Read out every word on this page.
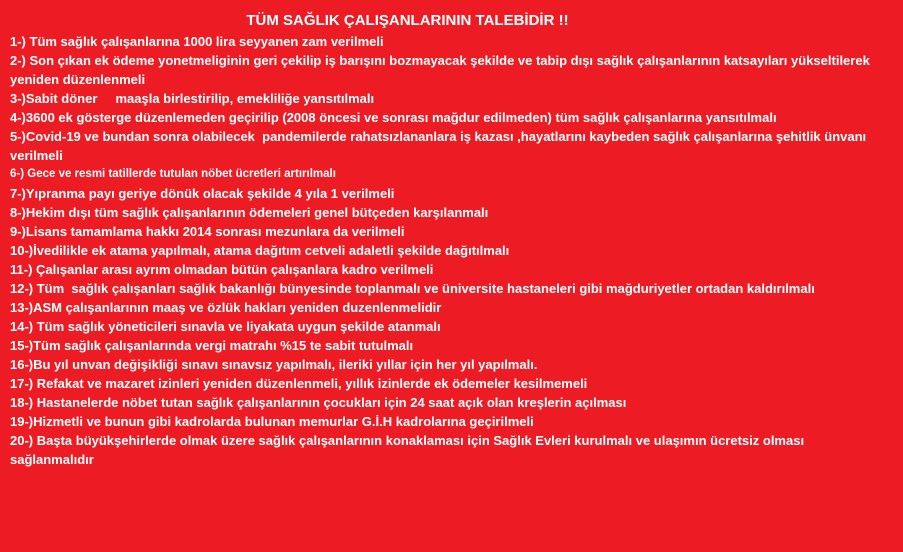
TÜM SAĞLIK ÇALIŞANLARININ TALEBİDİR !!
1-) Tüm sağlık çalışanlarına 1000 lira seyyanen zam verilmeli
2-) Son çıkan ek ödeme yonetmeliginin geri çekilip iş barışını bozmayacak şekilde ve tabip dışı sağlık çalışanlarının katsayıları yükseltilerek yeniden düzenlenmeli
3-)Sabit döner     maaşla birlestirilip, emekliliğe yansıtılmalı
4-)3600 ek gösterge düzenlemeden geçirilip (2008 öncesi ve sonrası mağdur edilmeden) tüm sağlık çalışanlarına yansıtılmalı
5-)Covid-19 ve bundan sonra olabilecek  pandemilerde rahatsızlananlara iş kazası ,hayatlarını kaybeden sağlık çalışanlarına şehitlik ünvanı verilmeli
6-) Gece ve resmi tatillerde tutulan nöbet ücretleri artırılmalı
7-)Yıpranma payı geriye dönük olacak şekilde 4 yıla 1 verilmeli
8-)Hekim dışı tüm sağlık çalışanlarının ödemeleri genel bütçeden karşılanmalı
9-)Lisans tamamlama hakkı 2014 sonrası mezunlara da verilmeli
10-)İvedilikle ek atama yapılmalı, atama dağıtım cetveli adaletli şekilde dağıtılmalı
11-) Çalışanlar arası ayrım olmadan bütün çalışanlara kadro verilmeli
12-) Tüm  sağlık çalışanları sağlık bakanlığı bünyesinde toplanmalı ve üniversite hastaneleri gibi mağduriyetler ortadan kaldırılmalı
13-)ASM çalışanlarının maaş ve özlük hakları yeniden duzenlenmelidir
14-) Tüm sağlık yöneticileri sınavla ve liyakata uygun şekilde atanmalı
15-)Tüm sağlık çalışanlarında vergi matrahı %15 te sabit tutulmalı
16-)Bu yıl unvan değişikliği sınavı sınavsız yapılmalı, ileriki yıllar için her yıl yapılmalı.
17-) Refakat ve mazaret izinleri yeniden düzenlenmeli, yıllık izinlerde ek ödemeler kesilmemeli
18-) Hastanelerde nöbet tutan sağlık çalışanlarının çocukları için 24 saat açık olan kreşlerin açılması
19-)Hizmetli ve bunun gibi kadrolarda bulunan memurlar G.İ.H kadrolarına geçirilmeli
20-) Başta büyükşehirlerde olmak üzere sağlık çalışanlarının konaklaması için Sağlık Evleri kurulmalı ve ulaşımın ücretsiz olması sağlanmalıdır
